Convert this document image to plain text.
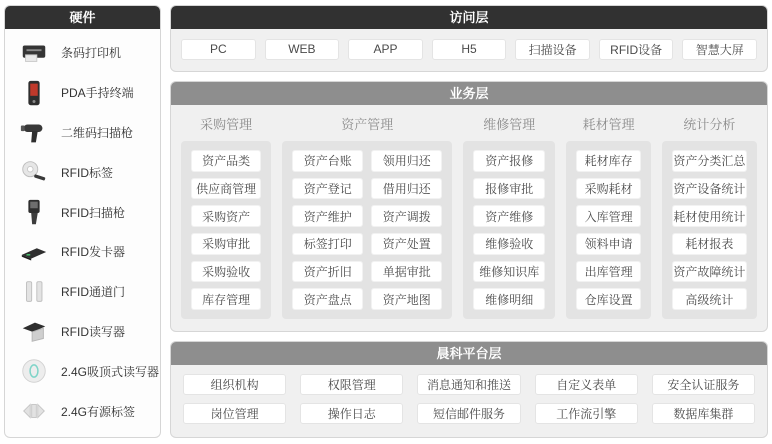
硬件
条码打印机
PDA手持终端
二维码扫描枪
RFID标签
RFID扫描枪
RFID发卡器
RFID通道门
RFID读写器
2.4G吸顶式读写器
2.4G有源标签
访问层
PC	WEB	APP	H5	扫描设备	RFID设备	智慧大屏
业务层
采购管理
资产品类
供应商管理
采购资产
采购审批
采购验收
库存管理
资产管理
资产台账	领用归还
资产登记	借用归还
资产维护	资产调拨
标签打印	资产处置
资产折旧	单据审批
资产盘点	资产地图
维修管理
资产报修
报修审批
资产维修
维修验收
维修知识库
维修明细
耗材管理
耗材库存
采购耗材
入库管理
领料申请
出库管理
仓库设置
统计分析
资产分类汇总
资产设备统计
耗材使用统计
耗材报表
资产故障统计
高级统计
晨科平台层
组织机构	权限管理	消息通知和推送	自定义表单	安全认证服务
岗位管理	操作日志	短信邮件服务	工作流引擎	数据库集群
